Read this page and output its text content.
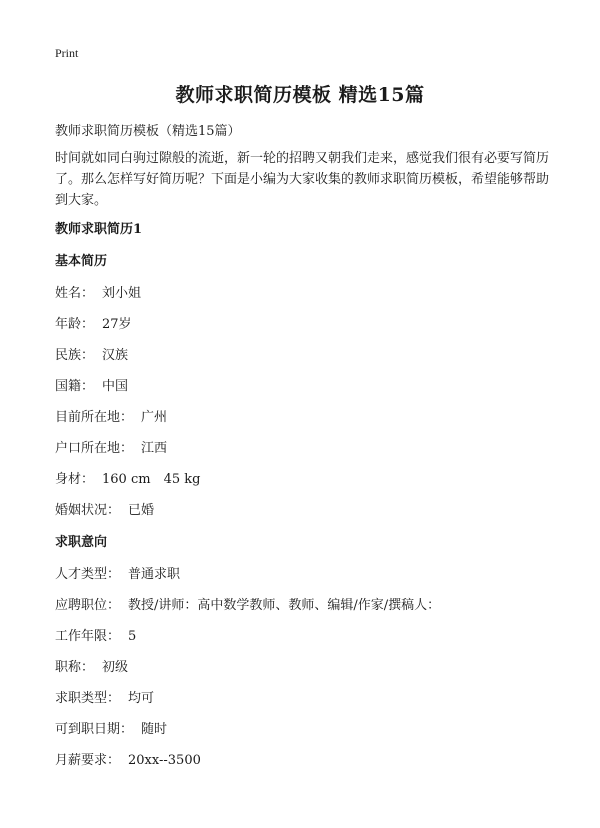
Print
教师求职简历模板 精选15篇
教师求职简历模板（精选15篇）
时间就如同白驹过隙般的流逝，新一轮的招聘又朝我们走来，感觉我们很有必要写简历了。那么怎样写好简历呢？下面是小编为大家收集的教师求职简历模板，希望能够帮助到大家。
教师求职简历1
基本简历
姓名： 刘小姐
年龄： 27岁
民族： 汉族
国籍： 中国
目前所在地： 广州
户口所在地： 江西
身材： 160 cm　45 kg
婚姻状况： 已婚
求职意向
人才类型： 普通求职
应聘职位： 教授/讲师：高中数学教师、教师、编辑/作家/撰稿人：
工作年限： 5
职称： 初级
求职类型： 均可
可到职日期： 随时
月薪要求： 20xx--3500
